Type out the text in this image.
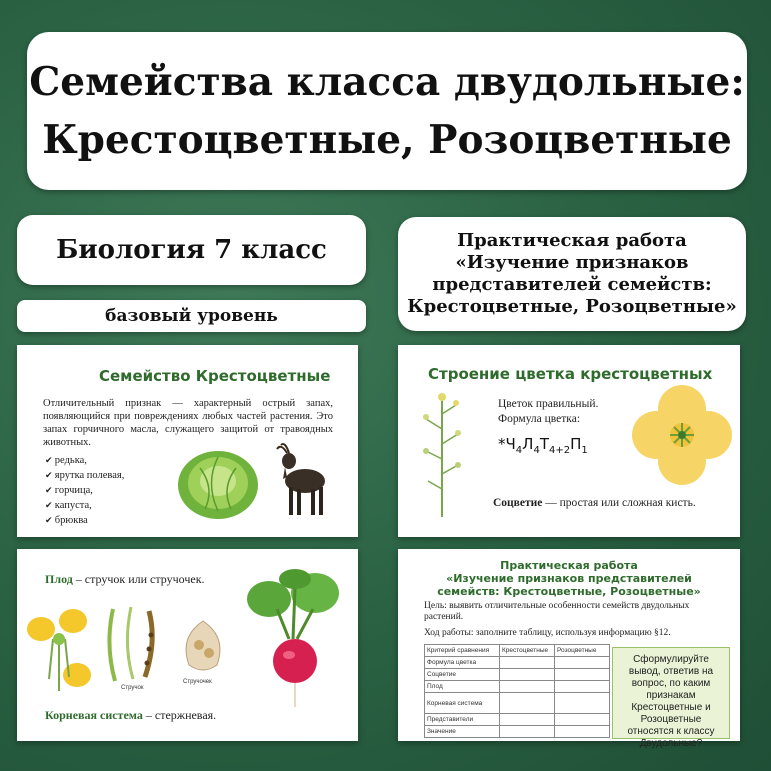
Семейства класса двудольные:
Крестоцветные, Розоцветные
Биология 7 класс
базовый уровень
Практическая работа
«Изучение признаков
представителей семейств:
Крестоцветные, Розоцветные»
Семейство Крестоцветные
Отличительный признак — характерный острый запах, появляющийся при повреждениях любых частей растения. Это запах горчичного масла, служащего защитой от травоядных животных.
✔ редька,
✔ ярутка полевая,
✔ горчица,
✔ капуста,
✔ брюква
Строение цветка крестоцветных
Цветок правильный.
Формула цветка:
$*Ч_4Л_4Т_{4+2}П_1$
Соцветие — простая или сложная кисть.
Плод – стручок или стручочек.
Стручок
Стручочек
Корневая система – стержневая.
Практическая работа
«Изучение признаков представителей
семейств: Крестоцветные, Розоцветные»
Цель: выявить отличительные особенности семейств двудольных растений.
Ход работы: заполните таблицу, используя информацию §12.
Критерий сравнения	Крестоцветные	Розоцветные
Формула цветка		
Соцветие		
Плод		
Корневая система		
Представители		
Значение		
Сформулируйте вывод, ответив на вопрос, по каким признакам Крестоцветные и Розоцветные относятся к классу Двудольные?
